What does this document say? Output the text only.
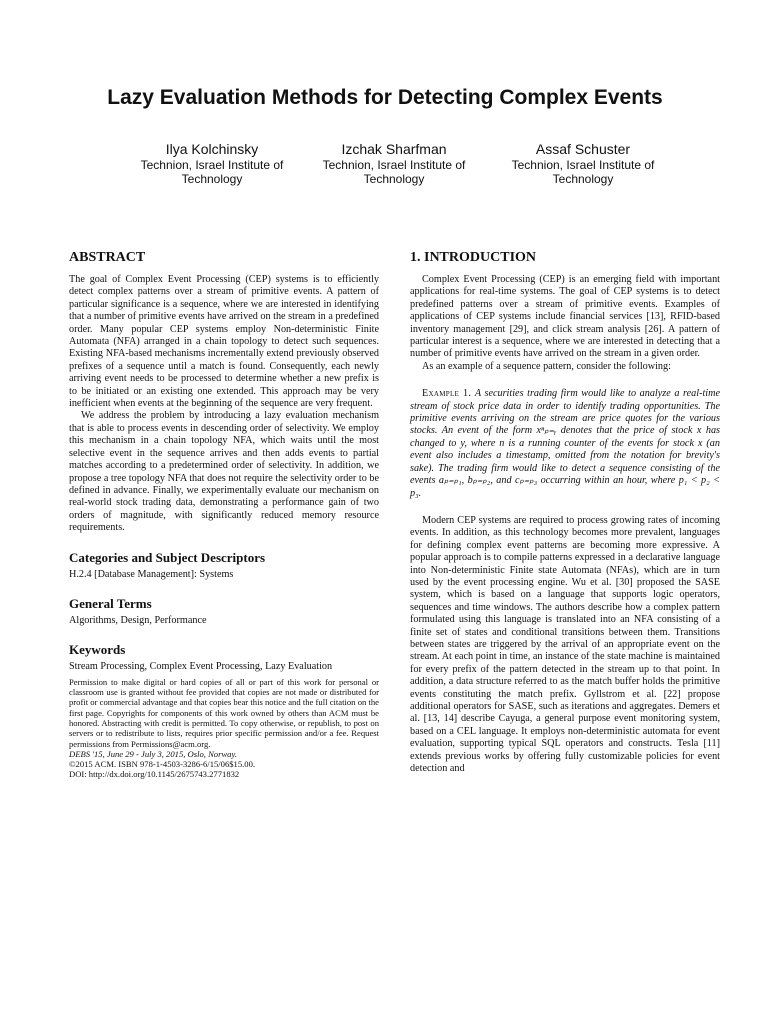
Lazy Evaluation Methods for Detecting Complex Events
Ilya Kolchinsky
Technion, Israel Institute of
Technology
Izchak Sharfman
Technion, Israel Institute of
Technology
Assaf Schuster
Technion, Israel Institute of
Technology
ABSTRACT

The goal of Complex Event Processing (CEP) systems is to efficiently detect complex patterns over a stream of primitive events. A pattern of particular significance is a sequence, where we are interested in identifying that a number of primitive events have arrived on the stream in a predefined order. Many popular CEP systems employ Non-deterministic Finite Automata (NFA) arranged in a chain topology to detect such sequences. Existing NFA-based mechanisms incrementally extend previously observed prefixes of a sequence until a match is found. Consequently, each newly arriving event needs to be processed to determine whether a new prefix is to be initiated or an existing one extended. This approach may be very inefficient when events at the beginning of the sequence are very frequent.

We address the problem by introducing a lazy evaluation mechanism that is able to process events in descending order of selectivity. We employ this mechanism in a chain topology NFA, which waits until the most selective event in the sequence arrives and then adds events to partial matches according to a predetermined order of selectivity. In addition, we propose a tree topology NFA that does not require the selectivity order to be defined in advance. Finally, we experimentally evaluate our mechanism on real-world stock trading data, demonstrating a performance gain of two orders of magnitude, with significantly reduced memory resource requirements.

Categories and Subject Descriptors

H.2.4 [Database Management]: Systems

General Terms

Algorithms, Design, Performance

Keywords

Stream Processing, Complex Event Processing, Lazy Evaluation

Permission to make digital or hard copies of all or part of this work for personal or classroom use is granted without fee provided that copies are not made or distributed for profit or commercial advantage and that copies bear this notice and the full citation on the first page. Copyrights for components of this work owned by others than ACM must be honored. Abstracting with credit is permitted. To copy otherwise, or republish, to post on servers or to redistribute to lists, requires prior specific permission and/or a fee. Request permissions from Permissions@acm.org.

DEBS '15, June 29 - July 3, 2015, Oslo, Norway.

©2015 ACM. ISBN 978-1-4503-3286-6/15/06$15.00.

DOI: http://dx.doi.org/10.1145/2675743.2771832

1. INTRODUCTION

Complex Event Processing (CEP) is an emerging field with important applications for real-time systems. The goal of CEP systems is to detect predefined patterns over a stream of primitive events. Examples of applications of CEP systems include financial services [13], RFID-based inventory management [29], and click stream analysis [26]. A pattern of particular interest is a sequence, where we are interested in detecting that a number of primitive events have arrived on the stream in a given order.

As an example of a sequence pattern, consider the following:

Example 1. A securities trading firm would like to analyze a real-time stream of stock price data in order to identify trading opportunities. The primitive events arriving on the stream are price quotes for the various stocks. An event of the form xⁿₚ₌ᵧ denotes that the price of stock x has changed to y, where n is a running counter of the events for stock x (an event also includes a timestamp, omitted from the notation for brevity's sake). The trading firm would like to detect a sequence consisting of the events aₚ₌ₚ₁, bₚ₌ₚ₂, and cₚ₌ₚ₃ occurring within an hour, where p₁ < p₂ < p₃.

Modern CEP systems are required to process growing rates of incoming events. In addition, as this technology becomes more prevalent, languages for defining complex event patterns are becoming more expressive. A popular approach is to compile patterns expressed in a declarative language into Non-deterministic Finite state Automata (NFAs), which are in turn used by the event processing engine. Wu et al. [30] proposed the SASE system, which is based on a language that supports logic operators, sequences and time windows. The authors describe how a complex pattern formulated using this language is translated into an NFA consisting of a finite set of states and conditional transitions between them. Transitions between states are triggered by the arrival of an appropriate event on the stream. At each point in time, an instance of the state machine is maintained for every prefix of the pattern detected in the stream up to that point. In addition, a data structure referred to as the match buffer holds the primitive events constituting the match prefix. Gyllstrom et al. [22] propose additional operators for SASE, such as iterations and aggregates. Demers et al. [13, 14] describe Cayuga, a general purpose event monitoring system, based on a CEL language. It employs non-deterministic automata for event evaluation, supporting typical SQL operators and constructs. Tesla [11] extends previous works by offering fully customizable policies for event detection and
